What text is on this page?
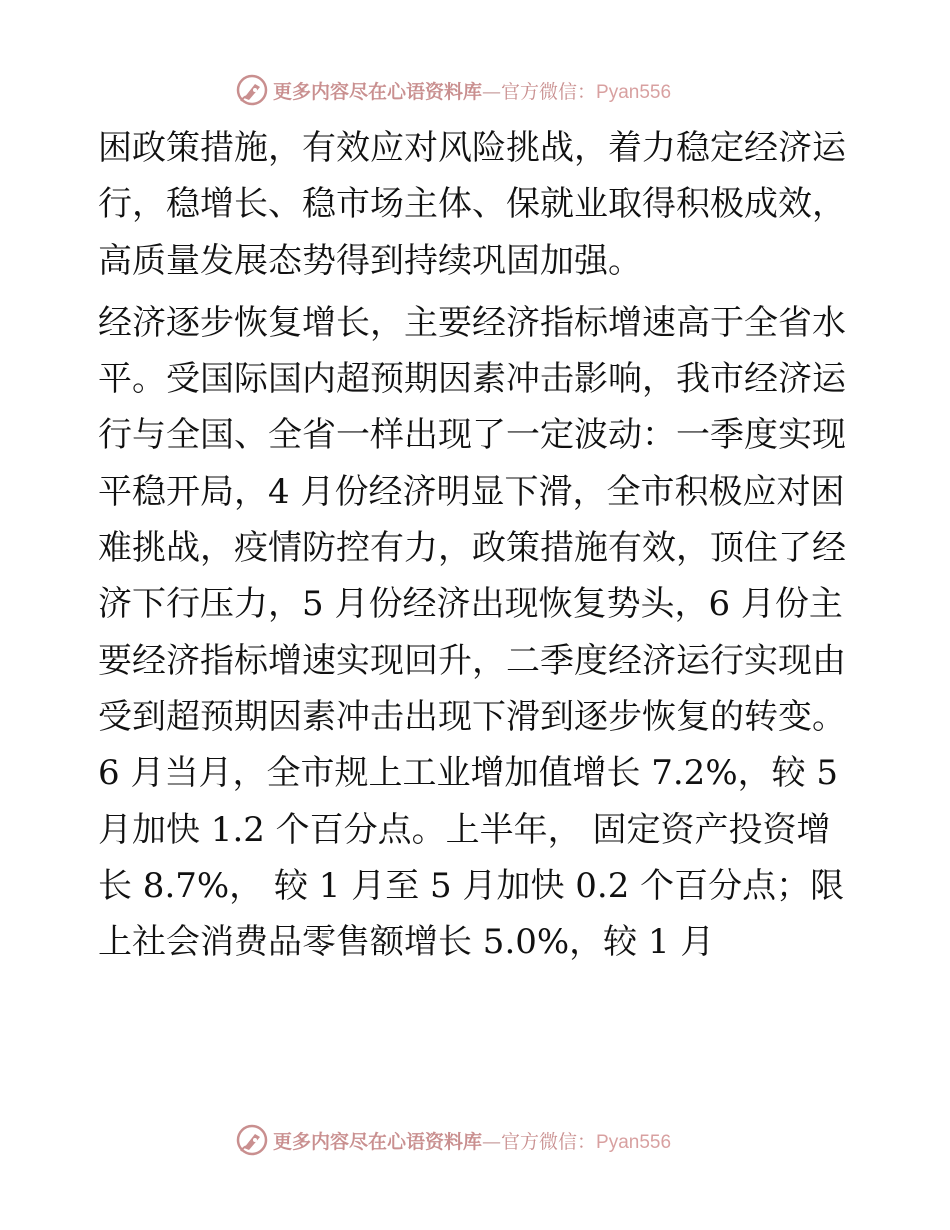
更多内容尽在心语资料库—官方微信：Pyan556

困政策措施，有效应对风险挑战，着力稳定经济运行，稳增长、稳市场主体、保就业取得积极成效，高质量发展态势得到持续巩固加强。

经济逐步恢复增长，主要经济指标增速高于全省水平。受国际国内超预期因素冲击影响，我市经济运行与全国、全省一样出现了一定波动：一季度实现平稳开局，4 月份经济明显下滑，全市积极应对困难挑战，疫情防控有力，政策措施有效，顶住了经济下行压力，5 月份经济出现恢复势头，6 月份主要经济指标增速实现回升，二季度经济运行实现由受到超预期因素冲击出现下滑到逐步恢复的转变。6 月当月，全市规上工业增加值增长 7.2%，较 5 月加快 1.2 个百分点。上半年， 固定资产投资增长 8.7%， 较 1 月至 5 月加快 0.2 个百分点；限上社会消费品零售额增长 5.0%，较 1 月

更多内容尽在心语资料库—官方微信：Pyan556
